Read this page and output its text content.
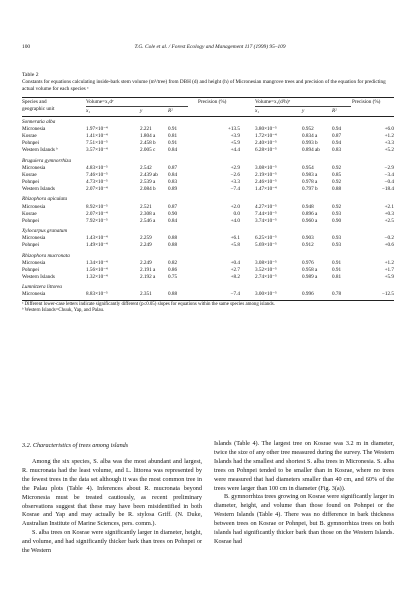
100	T.G. Cole et al. / Forest Ecology and Management 117 (1999) 95–109
Table 2
Constants for equations calculating inside-bark stem volume (m³/tree) from DBH (d) and height (h) of Micronesian mangrove trees and precision of the equation for predicting actual volume for each species ᵃ
Species and
geographic unit
Volume=x₁dʸ	Precision (%)	Volume=x₁(d²h)ʸ	Precision (%)
x₁	y	R²	x₁	y	R²
Sonneratia alba
Micronesia	1.97×10⁻⁴	2.221	0.91	+13.5	3.80×10⁻⁵	0.952	0.94	+6.0
Kosrae	1.41×10⁻⁴	1.804 a 0.81	+3.9	1.72×10⁻⁴	0.834 a	0.87	+1.2
Pohnpei	7.51×10⁻⁵	2.458 b 0.91	+5.9	2.40×10⁻⁵	0.993 b	0.94	+3.3
Western Islands ᵇ	3.57×10⁻⁴	2.005 c 0.84	+4.4	6.28×10⁻⁵	0.894 ab 0.83	+5.2
Bruguiera gymnorrhiza
Micronesia	4.83×10⁻⁵	2.542	0.87	+2.9	3.08×10⁻⁵	0.954	0.92	−2.9
Kosrae	7.46×10⁻⁵	2.439 ab 0.84	−2.6	2.19×10⁻⁵	0.983 a	0.85	−3.4
Pohnpei	4.73×10⁻⁵	2.539 a 0.83	+3.3	2.46×10⁻⁵	0.978 a	0.92	−0.4
Western Islands	2.07×10⁻⁴	2.084 b 0.89	−7.4	1.47×10⁻⁴	0.797 b	0.88	−18.4
Rhizophora apiculata
Micronesia	8.92×10⁻⁵	2.521	0.87	+2.0	4.27×10⁻⁵	0.948	0.92	+2.1
Kosrae	2.07×10⁻⁴	2.308 a 0.90	0.0	7.44×10⁻⁵	0.896 a	0.93	+0.3
Pohnpei	7.92×10⁻⁵	2.546 a 0.84	+4.0	3.74×10⁻⁵	0.960 a	0.90	+2.5
Xylocarpus granatum
Micronesia	1.43×10⁻⁴	2.259	0.88	+6.1	6.25×10⁻⁵	0.903	0.93	−0.2
Pohnpei	1.49×10⁻⁴	2.249	0.88	+5.8	5.69×10⁻⁵	0.912	0.93	+0.6
Rhizophora mucronata
Micronesia	1.34×10⁻⁴	2.249	0.82	+0.4	3.08×10⁻⁵	0.976	0.91	+1.2
Pohnpei	1.56×10⁻⁴	2.191 a 0.86	+2.7	3.52×10⁻⁵	0.958 a	0.91	+1.7
Western Islands	1.32×10⁻⁴	2.192 a 0.75	+8.2	2.74×10⁻⁵	0.989 a	0.81	+5.9
Lumnitzera littorea
Micronesia	8.83×10⁻⁵	2.351	0.88	−7.4	3.00×10⁻⁵	0.996	0.78	−12.5
ᵃ Different lower-case letters indicate significantly different (p≤0.05) slopes for equations within the same species among islands.
ᵇ Western Islands=Chuuk, Yap, and Palau.
3.2. Characteristics of trees among islands

Among the six species, S. alba was the most abundant and largest, R. mucronata had the least volume, and L. littorea was represented by the fewest trees in the data set although it was the most common tree in the Palau plots (Table 4). Inferences about R. mucronata beyond Micronesia must be treated cautiously, as recent preliminary observations suggest that these may have been misidentified in both Kosrae and Yap and may actually be R. stylosa Griff. (N. Duke, Australian Institute of Marine Sciences, pers. comm.).

S. alba trees on Kosrae were significantly larger in diameter, height, and volume, and had significantly thicker bark than trees on Pohnpei or the Western

Islands (Table 4). The largest tree on Kosrae was 3.2 m in diameter, twice the size of any other tree measured during the survey. The Western Islands had the smallest and shortest S. alba trees in Micronesia. S. alba trees on Pohnpei tended to be smaller than in Kosrae, where no trees were measured that had diameters smaller than 40 cm, and 60% of the trees were larger than 100 cm in diameter (Fig. 3(a)).

B. gymnorrhiza trees growing on Kosrae were significantly larger in diameter, height, and volume than those found on Pohnpei or the Western Islands (Table 4). There was no difference in bark thickness between trees on Kosrae or Pohnpei, but B. gymnorrhiza trees on both islands had significantly thicker bark than those on the Western Islands. Kosrae had
